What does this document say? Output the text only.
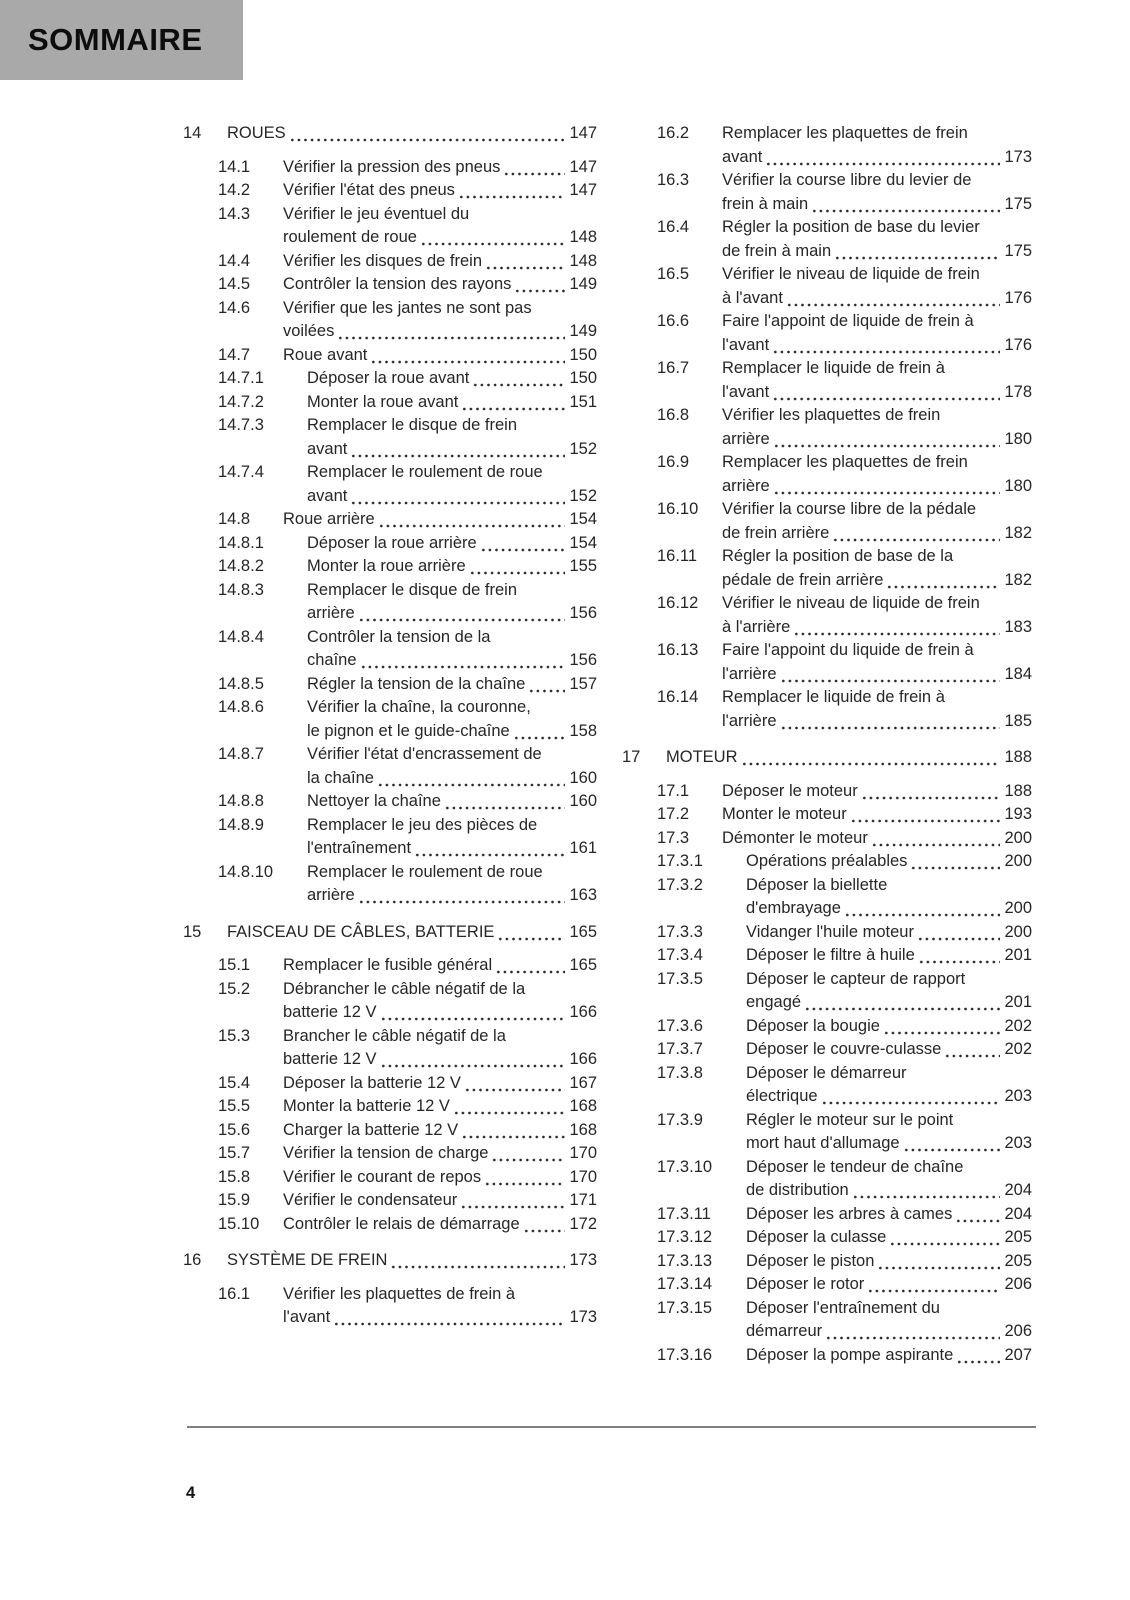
SOMMAIRE
14	ROUES	147
14.1	Vérifier la pression des pneus	147
14.2	Vérifier l'état des pneus	147
14.3	Vérifier le jeu éventuel du
roulement de roue	148
14.4	Vérifier les disques de frein	148
14.5	Contrôler la tension des rayons	149
14.6	Vérifier que les jantes ne sont pas
voilées	149
14.7	Roue avant	150
14.7.1	Déposer la roue avant	150
14.7.2	Monter la roue avant	151
14.7.3	Remplacer le disque de frein
avant	152
14.7.4	Remplacer le roulement de roue
avant	152
14.8	Roue arrière	154
14.8.1	Déposer la roue arrière	154
14.8.2	Monter la roue arrière	155
14.8.3	Remplacer le disque de frein
arrière	156
14.8.4	Contrôler la tension de la
chaîne	156
14.8.5	Régler la tension de la chaîne	157
14.8.6	Vérifier la chaîne, la couronne,
le pignon et le guide-chaîne	158
14.8.7	Vérifier l'état d'encrassement de
la chaîne	160
14.8.8	Nettoyer la chaîne	160
14.8.9	Remplacer le jeu des pièces de
l'entraînement	161
14.8.10	Remplacer le roulement de roue
arrière	163
15	FAISCEAU DE CÂBLES, BATTERIE	165
15.1	Remplacer le fusible général	165
15.2	Débrancher le câble négatif de la
batterie 12 V	166
15.3	Brancher le câble négatif de la
batterie 12 V	166
15.4	Déposer la batterie 12 V	167
15.5	Monter la batterie 12 V	168
15.6	Charger la batterie 12 V	168
15.7	Vérifier la tension de charge	170
15.8	Vérifier le courant de repos	170
15.9	Vérifier le condensateur	171
15.10	Contrôler le relais de démarrage	172
16	SYSTÈME DE FREIN	173
16.1	Vérifier les plaquettes de frein à
l'avant	173
16.2	Remplacer les plaquettes de frein
avant	173
16.3	Vérifier la course libre du levier de
frein à main	175
16.4	Régler la position de base du levier
de frein à main	175
16.5	Vérifier le niveau de liquide de frein
à l'avant	176
16.6	Faire l'appoint de liquide de frein à
l'avant	176
16.7	Remplacer le liquide de frein à
l'avant	178
16.8	Vérifier les plaquettes de frein
arrière	180
16.9	Remplacer les plaquettes de frein
arrière	180
16.10	Vérifier la course libre de la pédale
de frein arrière	182
16.11	Régler la position de base de la
pédale de frein arrière	182
16.12	Vérifier le niveau de liquide de frein
à l'arrière	183
16.13	Faire l'appoint du liquide de frein à
l'arrière	184
16.14	Remplacer le liquide de frein à
l'arrière	185
17	MOTEUR	188
17.1	Déposer le moteur	188
17.2	Monter le moteur	193
17.3	Démonter le moteur	200
17.3.1	Opérations préalables	200
17.3.2	Déposer la biellette
d'embrayage	200
17.3.3	Vidanger l'huile moteur	200
17.3.4	Déposer le filtre à huile	201
17.3.5	Déposer le capteur de rapport
engagé	201
17.3.6	Déposer la bougie	202
17.3.7	Déposer le couvre-culasse	202
17.3.8	Déposer le démarreur
électrique	203
17.3.9	Régler le moteur sur le point
mort haut d'allumage	203
17.3.10	Déposer le tendeur de chaîne
de distribution	204
17.3.11	Déposer les arbres à cames	204
17.3.12	Déposer la culasse	205
17.3.13	Déposer le piston	205
17.3.14	Déposer le rotor	206
17.3.15	Déposer l'entraînement du
démarreur	206
17.3.16	Déposer la pompe aspirante	207
4
